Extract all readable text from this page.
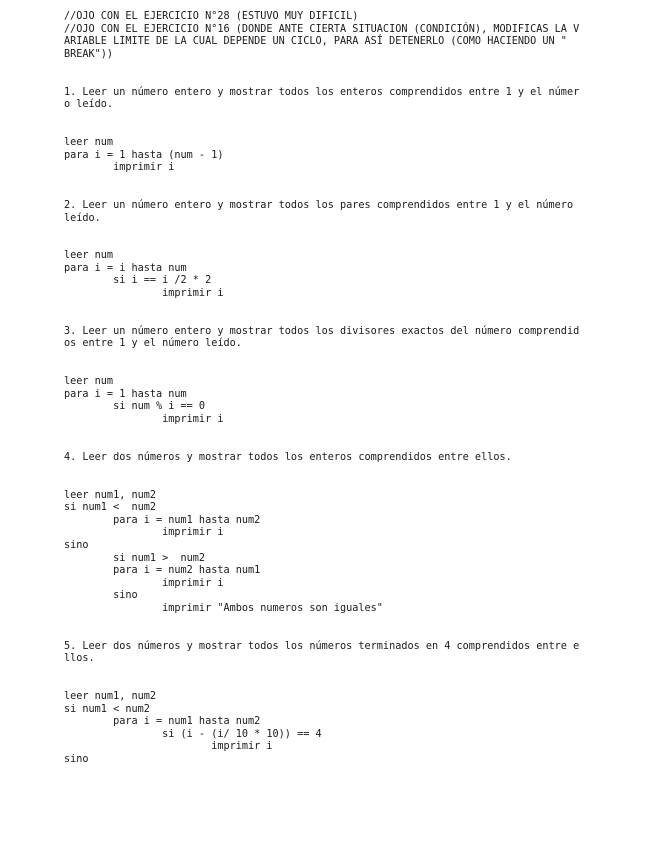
//OJO CON EL EJERCICIO N°28 (ESTUVO MUY DIFICIL)
//OJO CON EL EJERCICIO N°16 (DONDE ANTE CIERTA SITUACION (CONDICIÓN), MODIFICAS LA V
ARIABLE LIMITE DE LA CUAL DEPENDE UN CICLO, PARA ASÍ DETENERLO (COMO HACIENDO UN "
BREAK"))
1. Leer un número entero y mostrar todos los enteros comprendidos entre 1 y el númer
o leído.
leer num
para i = 1 hasta (num - 1)
imprimir i
2. Leer un número entero y mostrar todos los pares comprendidos entre 1 y el número
leído.
leer num
para i = i hasta num
si i == i /2 * 2
imprimir i
3. Leer un número entero y mostrar todos los divisores exactos del número comprendid
os entre 1 y el número leído.
leer num
para i = 1 hasta num
si num % i == 0
imprimir i
4. Leer dos números y mostrar todos los enteros comprendidos entre ellos.
leer num1, num2
si num1 <  num2
para i = num1 hasta num2
imprimir i
sino
si num1 >  num2
para i = num2 hasta num1
imprimir i
sino
imprimir "Ambos numeros son iguales"
5. Leer dos números y mostrar todos los números terminados en 4 comprendidos entre e
llos.
leer num1, num2
si num1 < num2
para i = num1 hasta num2
si (i - (i/ 10 * 10)) == 4
imprimir i
sino
